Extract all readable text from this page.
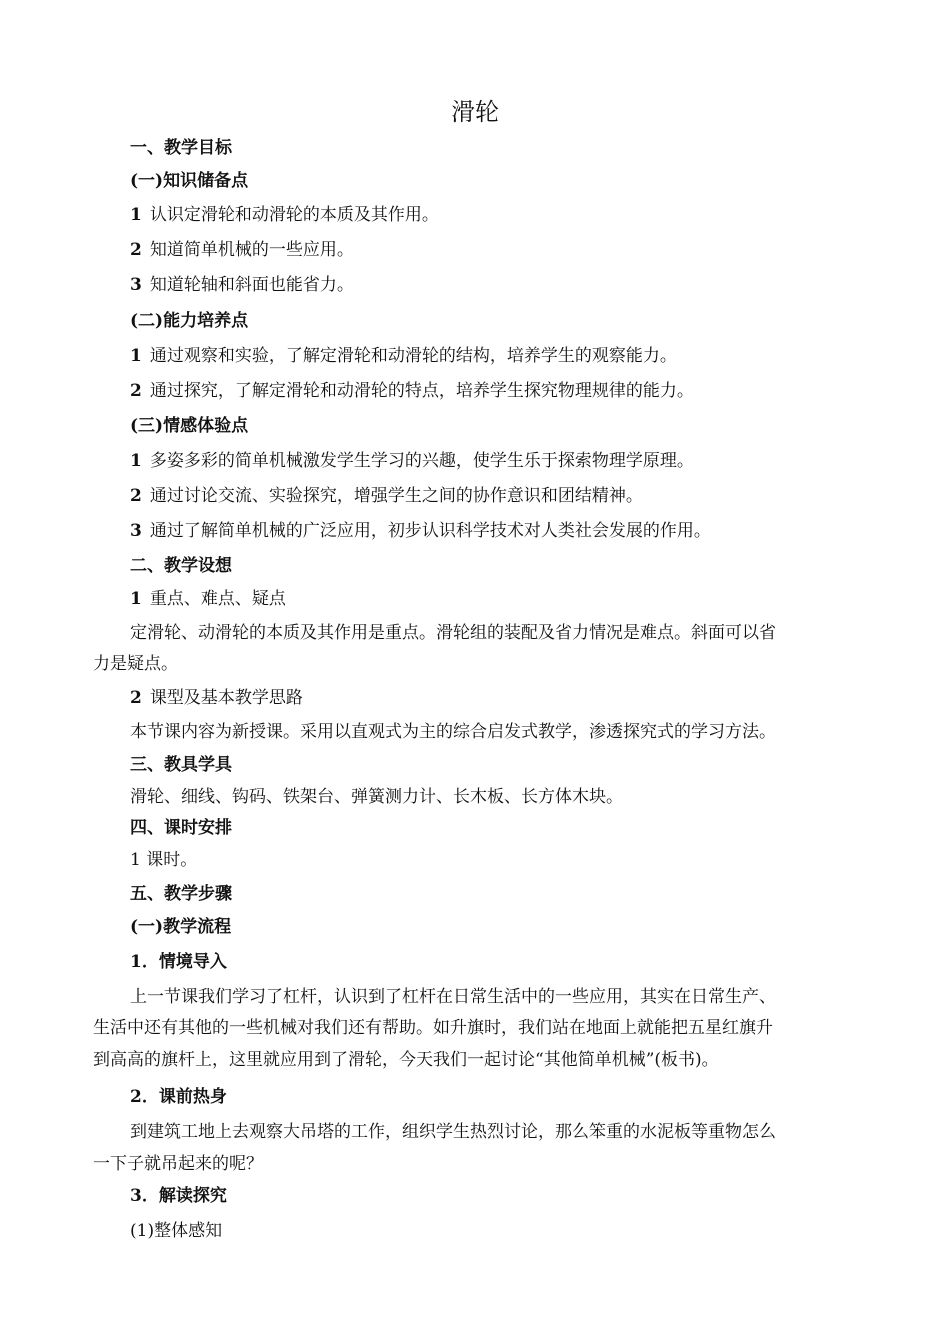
滑轮
一、教学目标
(一)知识储备点
1 认识定滑轮和动滑轮的本质及其作用。
2 知道简单机械的一些应用。
3 知道轮轴和斜面也能省力。
(二)能力培养点
1 通过观察和实验，了解定滑轮和动滑轮的结构，培养学生的观察能力。
2 通过探究，了解定滑轮和动滑轮的特点，培养学生探究物理规律的能力。
(三)情感体验点
1 多姿多彩的简单机械激发学生学习的兴趣，使学生乐于探索物理学原理。
2 通过讨论交流、实验探究，增强学生之间的协作意识和团结精神。
3 通过了解简单机械的广泛应用，初步认识科学技术对人类社会发展的作用。
二、教学设想
1 重点、难点、疑点
定滑轮、动滑轮的本质及其作用是重点。滑轮组的装配及省力情况是难点。斜面可以省
力是疑点。
2 课型及基本教学思路
本节课内容为新授课。采用以直观式为主的综合启发式教学，渗透探究式的学习方法。
三、教具学具
滑轮、细线、钩码、铁架台、弹簧测力计、长木板、长方体木块。
四、课时安排
1 课时。
五、教学步骤
(一)教学流程
1．情境导入
上一节课我们学习了杠杆，认识到了杠杆在日常生活中的一些应用，其实在日常生产、
生活中还有其他的一些机械对我们还有帮助。如升旗时，我们站在地面上就能把五星红旗升
到高高的旗杆上，这里就应用到了滑轮，今天我们一起讨论“其他简单机械”(板书)。
2．课前热身
到建筑工地上去观察大吊塔的工作，组织学生热烈讨论，那么笨重的水泥板等重物怎么
一下子就吊起来的呢？
3．解读探究
(1)整体感知
